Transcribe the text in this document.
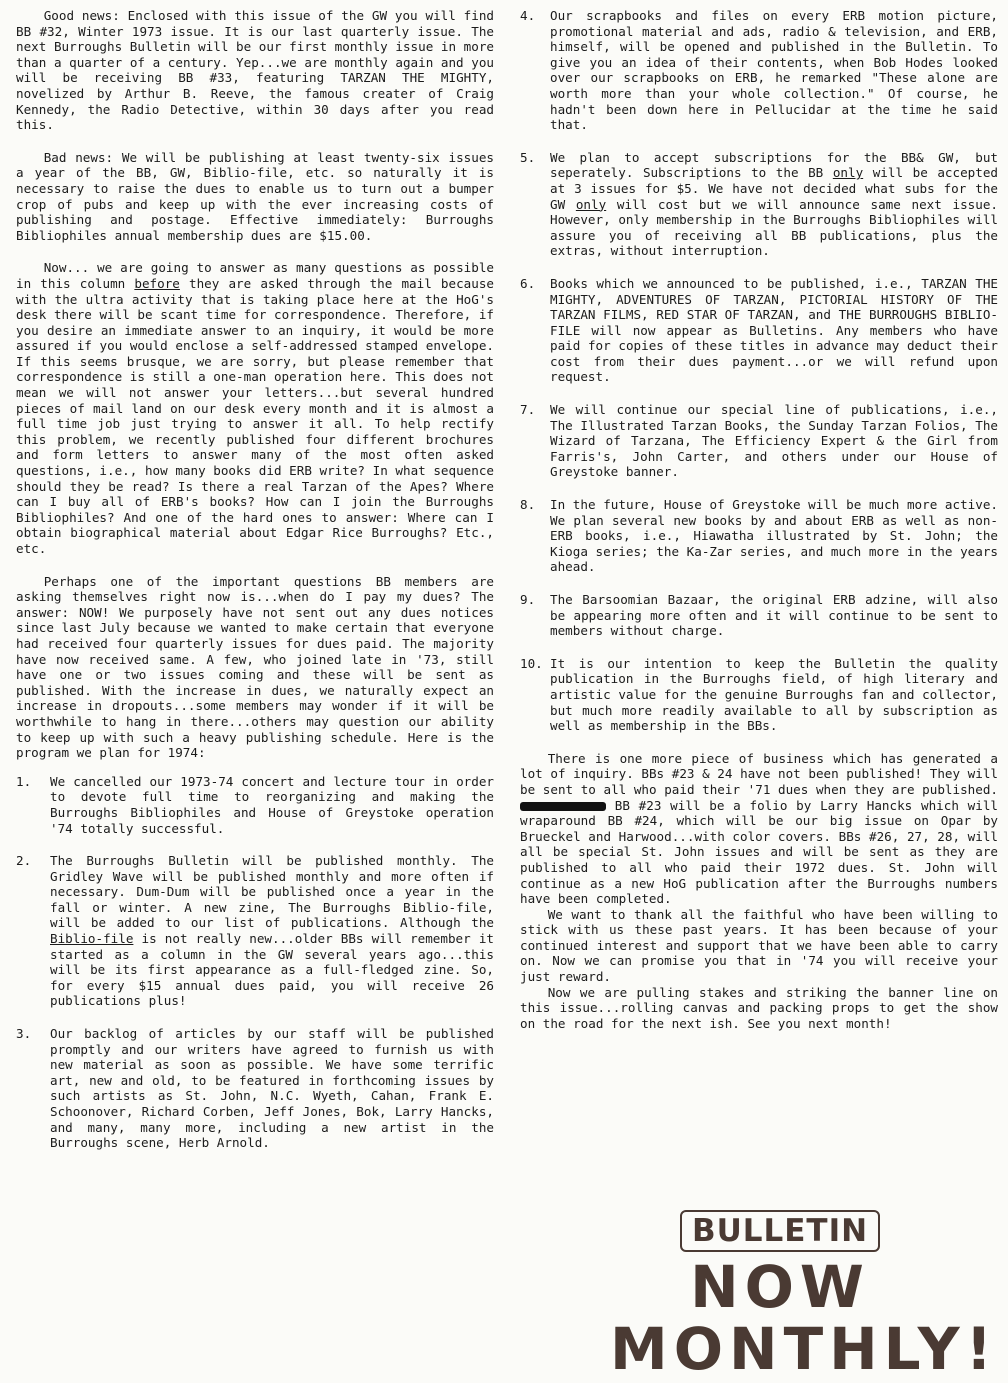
Good news: Enclosed with this issue of the GW you will find BB #32, Winter 1973 issue. It is our last quarterly issue. The next Burroughs Bulletin will be our first monthly issue in more than a quarter of a century. Yep...we are monthly again and you will be receiving BB #33, featuring TARZAN THE MIGHTY, novelized by Arthur B. Reeve, the famous creater of Craig Kennedy, the Radio Detective, within 30 days after you read this.

Bad news: We will be publishing at least twenty-six issues a year of the BB, GW, Biblio-file, etc. so naturally it is necessary to raise the dues to enable us to turn out a bumper crop of pubs and keep up with the ever increasing costs of publishing and postage. Effective immediately: Burroughs Bibliophiles annual membership dues are $15.00.

Now... we are going to answer as many questions as possible in this column before they are asked through the mail because with the ultra activity that is taking place here at the HoG's desk there will be scant time for correspondence. Therefore, if you desire an immediate answer to an inquiry, it would be more assured if you would enclose a self-addressed stamped envelope. If this seems brusque, we are sorry, but please remember that correspondence is still a one-man operation here. This does not mean we will not answer your letters...but several hundred pieces of mail land on our desk every month and it is almost a full time job just trying to answer it all. To help rectify this problem, we recently published four different brochures and form letters to answer many of the most often asked questions, i.e., how many books did ERB write? In what sequence should they be read? Is there a real Tarzan of the Apes? Where can I buy all of ERB's books? How can I join the Burroughs Bibliophiles? And one of the hard ones to answer: Where can I obtain biographical material about Edgar Rice Burroughs? Etc., etc.

Perhaps one of the important questions BB members are asking themselves right now is...when do I pay my dues? The answer: NOW! We purposely have not sent out any dues notices since last July because we wanted to make certain that everyone had received four quarterly issues for dues paid. The majority have now received same. A few, who joined late in '73, still have one or two issues coming and these will be sent as published. With the increase in dues, we naturally expect an increase in dropouts...some members may wonder if it will be worthwhile to hang in there...others may question our ability to keep up with such a heavy publishing schedule. Here is the program we plan for 1974:

1.	We cancelled our 1973-74 concert and lecture tour in order to devote full time to reorganizing and making the Burroughs Bibliophiles and House of Greystoke operation '74 totally successful.

2.	The Burroughs Bulletin will be published monthly. The Gridley Wave will be published monthly and more often if necessary. Dum-Dum will be published once a year in the fall or winter. A new zine, The Burroughs Biblio-file, will be added to our list of publications. Although the Biblio-file is not really new...older BBs will remember it started as a column in the GW several years ago...this will be its first appearance as a full-fledged zine. So, for every $15 annual dues paid, you will receive 26 publications plus!

3.	Our backlog of articles by our staff will be published promptly and our writers have agreed to furnish us with new material as soon as possible. We have some terrific art, new and old, to be featured in forthcoming issues by such artists as St. John, N.C. Wyeth, Cahan, Frank E. Schoonover, Richard Corben, Jeff Jones, Bok, Larry Hancks, and many, many more, including a new artist in the Burroughs scene, Herb Arnold.

4.	Our scrapbooks and files on every ERB motion picture, promotional material and ads, radio & television, and ERB, himself, will be opened and published in the Bulletin. To give you an idea of their contents, when Bob Hodes looked over our scrapbooks on ERB, he remarked "These alone are worth more than your whole collection." Of course, he hadn't been down here in Pellucidar at the time he said that.

5.	We plan to accept subscriptions for the BB& GW, but seperately. Subscriptions to the BB only will be accepted at 3 issues for $5. We have not decided what subs for the GW only will cost but we will announce same next issue. However, only membership in the Burroughs Bibliophiles will assure you of receiving all BB publications, plus the extras, without interruption.

6.	Books which we announced to be published, i.e., TARZAN THE MIGHTY, ADVENTURES OF TARZAN, PICTORIAL HISTORY OF THE TARZAN FILMS, RED STAR OF TARZAN, and THE BURROUGHS BIBLIO-FILE will now appear as Bulletins. Any members who have paid for copies of these titles in advance may deduct their cost from their dues payment...or we will refund upon request.

7.	We will continue our special line of publications, i.e., The Illustrated Tarzan Books, the Sunday Tarzan Folios, The Wizard of Tarzana, The Efficiency Expert & the Girl from Farris's, John Carter, and others under our House of Greystoke banner.

8.	In the future, House of Greystoke will be much more active. We plan several new books by and about ERB as well as non-ERB books, i.e., Hiawatha illustrated by St. John; the Kioga series; the Ka-Zar series, and much more in the years ahead.

9.	The Barsoomian Bazaar, the original ERB adzine, will also be appearing more often and it will continue to be sent to members without charge.

10. It is our intention to keep the Bulletin the quality publication in the Burroughs field, of high literary and artistic value for the genuine Burroughs fan and collector, but much more readily available to all by subscription as well as membership in the BBs.

There is one more piece of business which has generated a lot of inquiry. BBs #23 & 24 have not been published! They will be sent to all who paid their '71 dues when they are published. BB #23 will be a folio by Larry Hancks which will wraparound BB #24, which will be our big issue on Opar by Brueckel and Harwood...with color covers. BBs #26, 27, 28, will all be special St. John issues and will be sent as they are published to all who paid their 1972 dues. St. John will continue as a new HoG publication after the Burroughs numbers have been completed.

We want to thank all the faithful who have been willing to stick with us these past years. It has been because of your continued interest and support that we have been able to carry on. Now we can promise you that in '74 you will receive your just reward.

Now we are pulling stakes and striking the banner line on this issue...rolling canvas and packing props to get the show on the road for the next ish. See you next month!

BULLETIN
NOW
MONTHLY!
